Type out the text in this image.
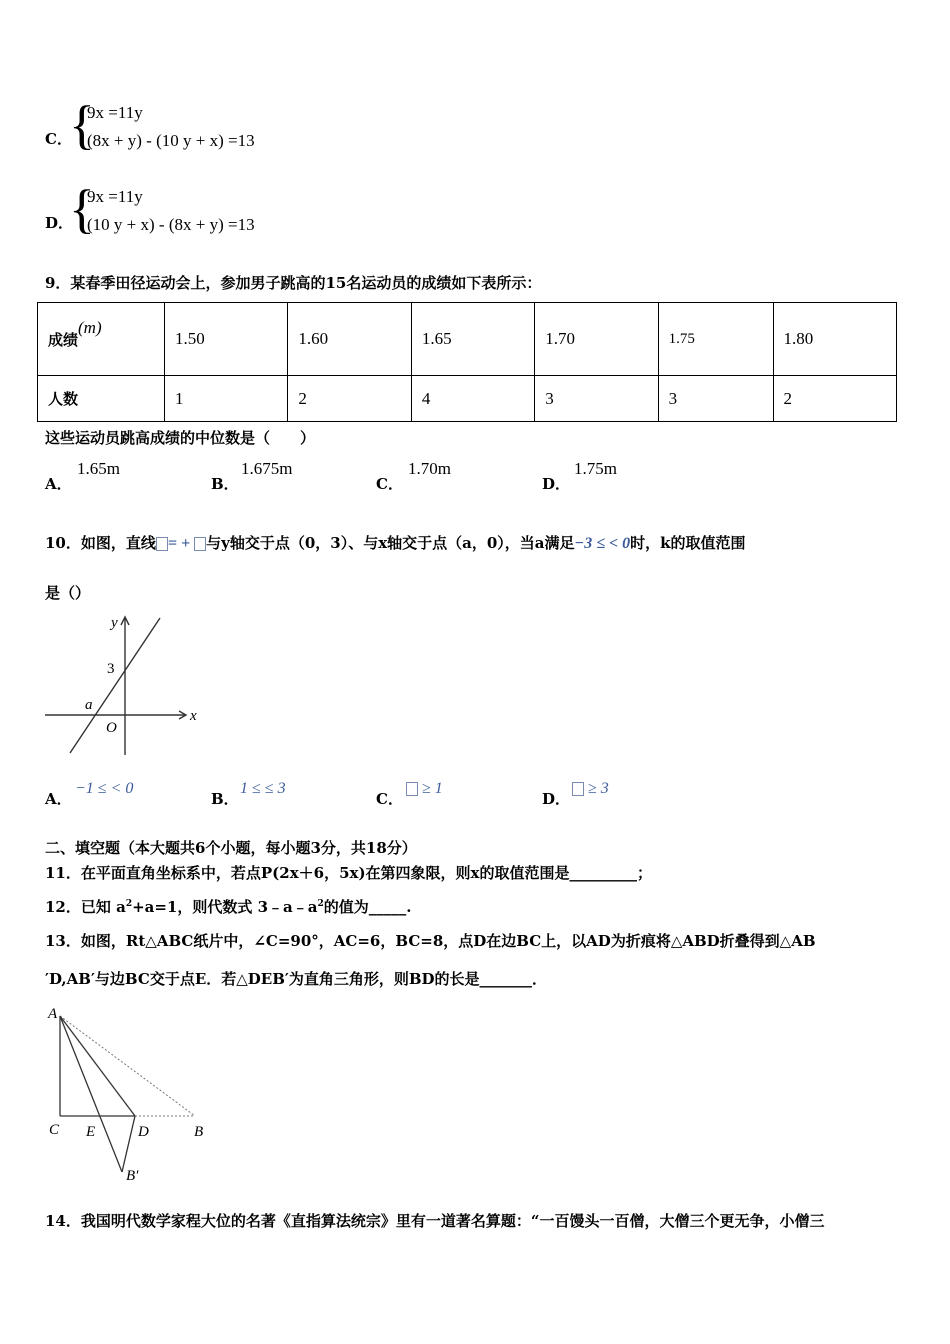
C．
{
9x =11y
(8x + y) - (10 y + x) =13
D．
{
9x =11y
(10 y + x) - (8x + y) =13
9．某春季田径运动会上，参加男子跳高的15名运动员的成绩如下表所示：
成绩(m)	1.50	1.60	1.65	1.70	1.75	1.80
人数	1	2	4	3	3	2
这些运动员跳高成绩的中位数是（　　）
A．
1.65m
B．
1.675m
C．
1.70m
D．
1.75m
10．如图，直线 = + 与y轴交于点（0，3）、与x轴交于点（a，0），当a满足−3 ≤ < 0时，k的取值范围
是（）
y
x
3
a
O
A．
−1 ≤ < 0
B．
1 ≤ ≤ 3
C．
≥ 1
D．
≥ 3
二、填空题（本大题共6个小题，每小题3分，共18分）
11．在平面直角坐标系中，若点P(2x＋6，5x)在第四象限，则x的取值范围是_________；
12．已知 $a^2+a=1$，则代数式 $3﹣a﹣a^2$的值为_____.
13．如图，Rt△ABC纸片中，∠C=90°，AC=6，BC=8，点D在边BC上，以AD为折痕将△ABD折叠得到△AB
′D,AB′与边BC交于点E．若△DEB′为直角三角形，则BD的长是_______．
A
C E	D	B
B′
14．我国明代数学家程大位的名著《直指算法统宗》里有一道著名算题：“一百馒头一百僧，大僧三个更无争，小僧三
